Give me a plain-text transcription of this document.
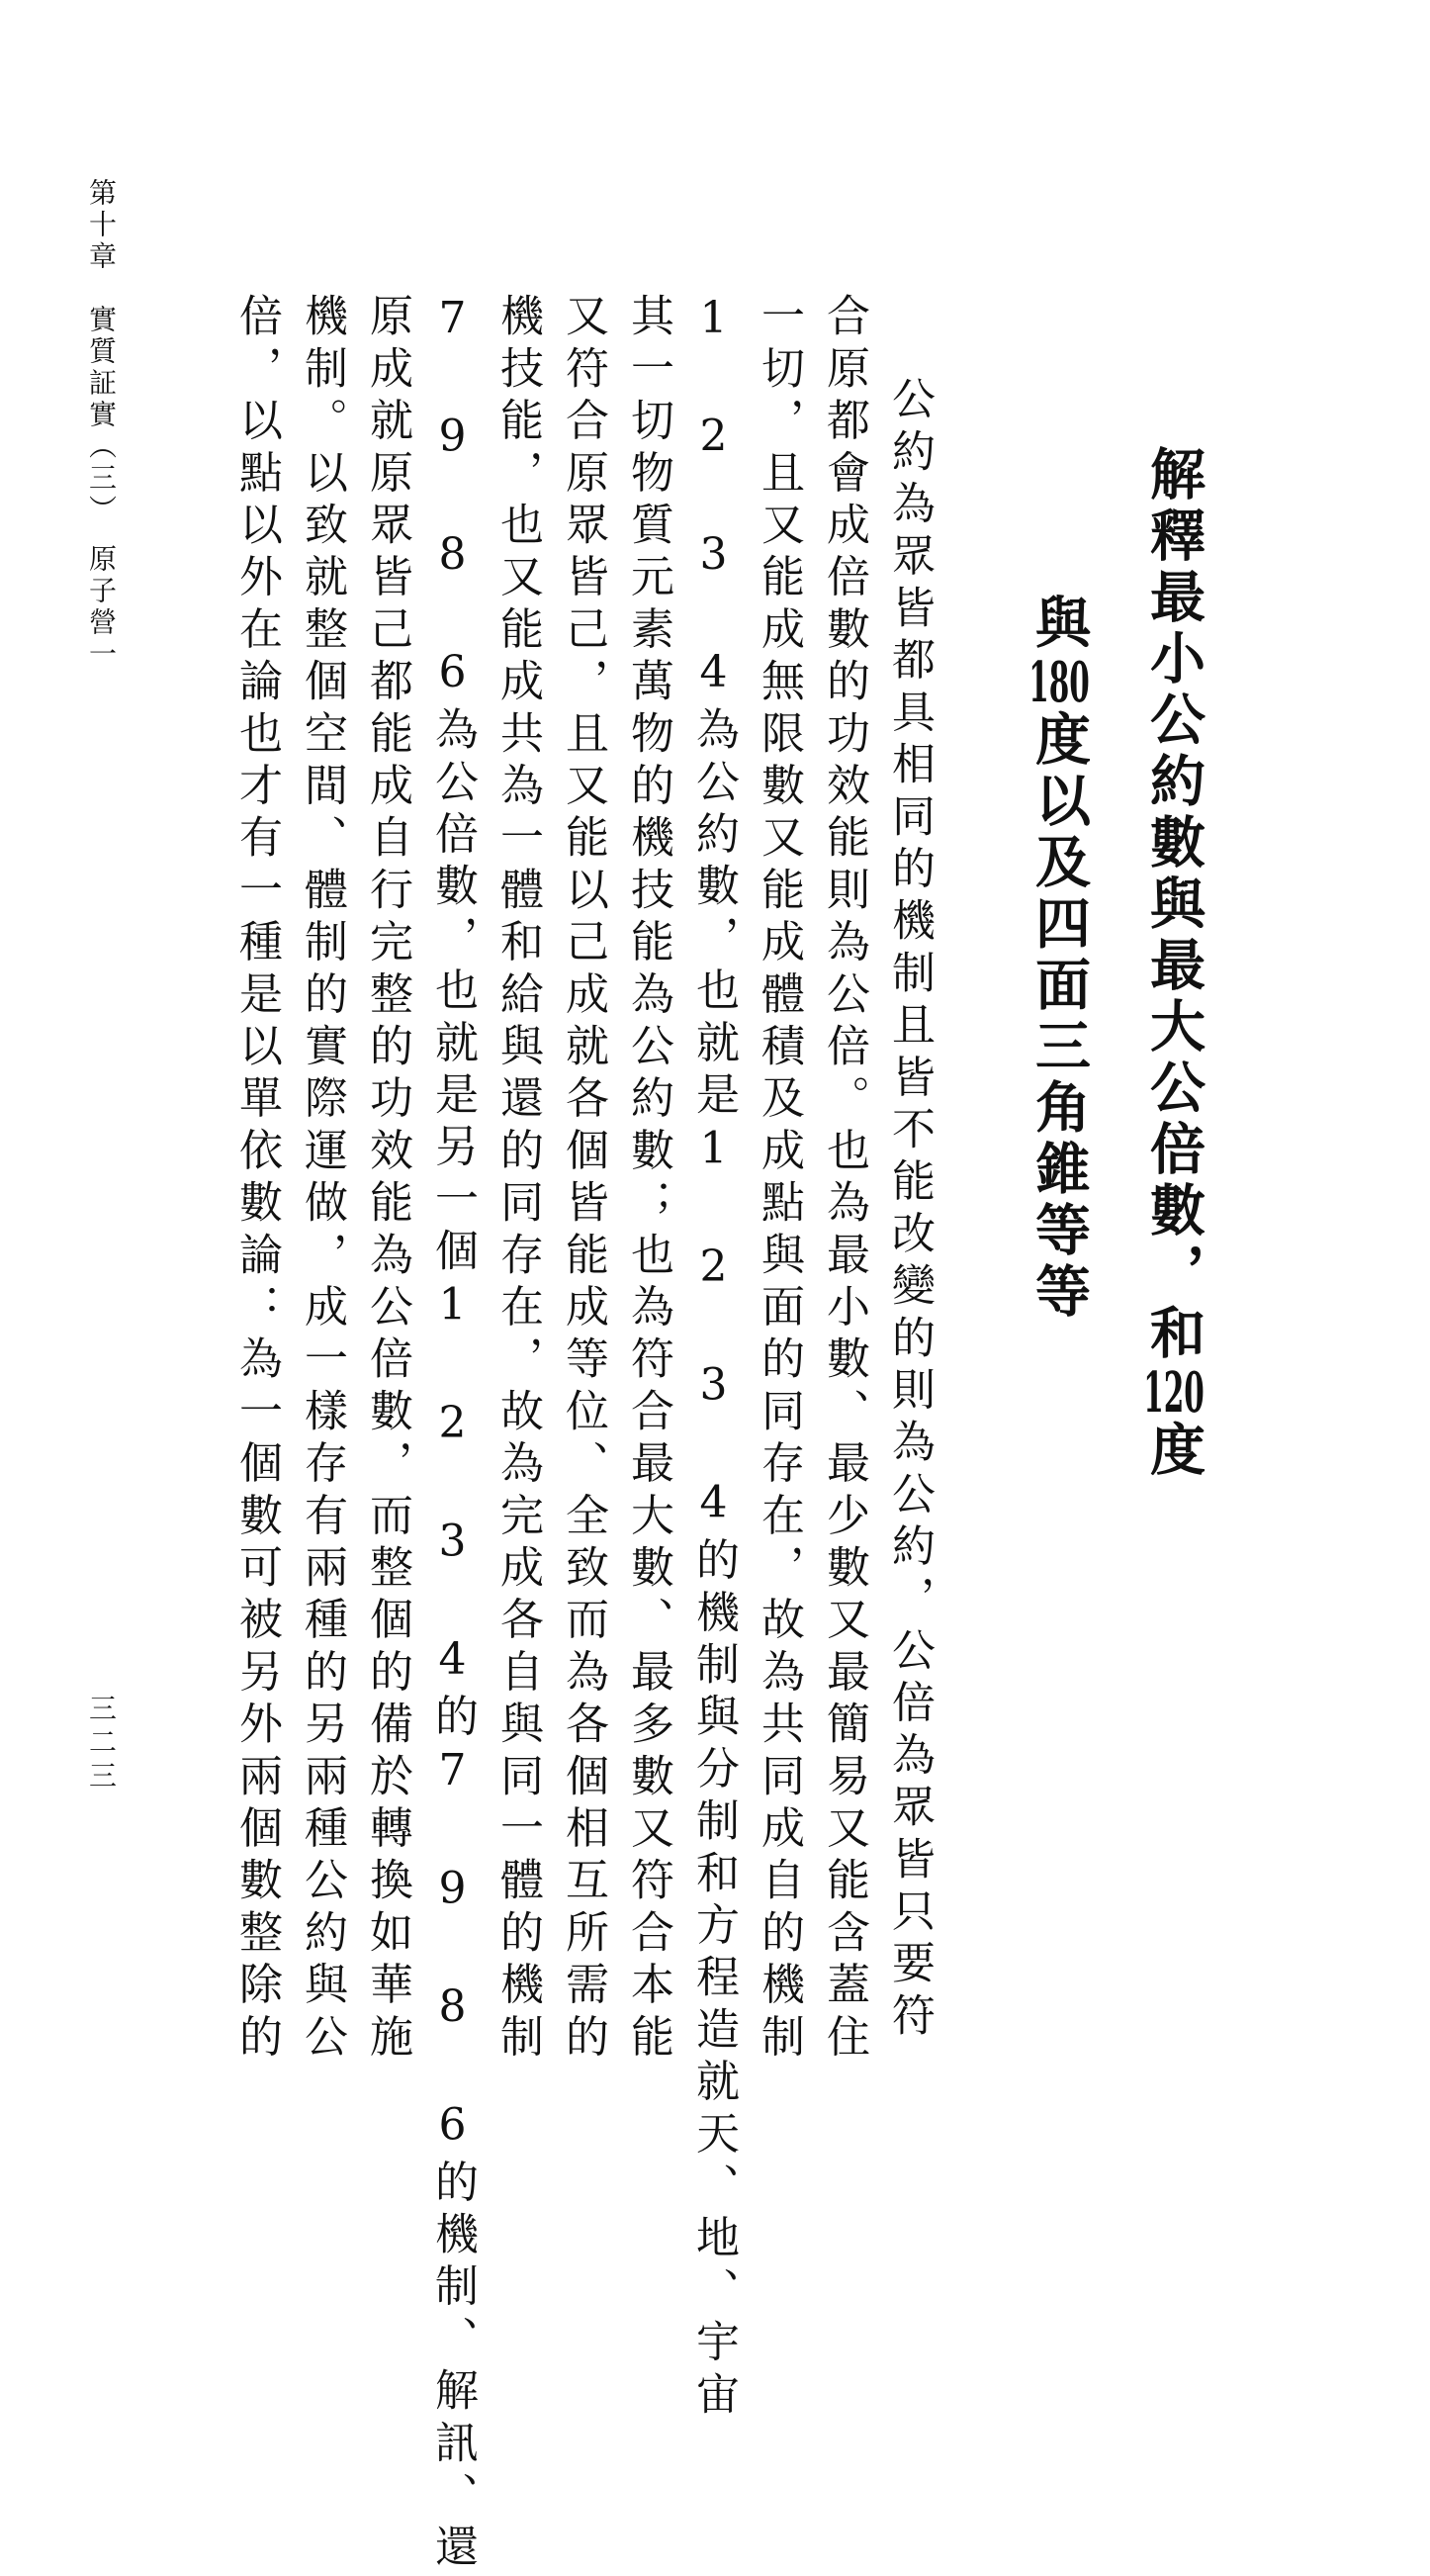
解釋最小公約數與最大公倍數，和120度
與180度以及四面三角錐等等
公約為眾皆都具相同的機制且皆不能改變的則為公約，公倍為眾皆只要符
合原都會成倍數的功效能則為公倍。也為最小數、最少數又最簡易又能含蓋住
一切，且又能成無限數又能成體積及成點與面的同存在，故為共同成自的機制
1 2 3 4為公約數，也就是1 2 3 4的機制與分制和方程造就天、地、宇宙
其一切物質元素萬物的機技能為公約數；也為符合最大數、最多數又符合本能
又符合原眾皆己，且又能以己成就各個皆能成等位、全致而為各個相互所需的
機技能，也又能成共為一體和給與還的同存在，故為完成各自與同一體的機制
7 9 8 6為公倍數，也就是另一個1 2 3 4的7 9 8 6的機制、解訊、還
原成就原眾皆己都能成自行完整的功效能為公倍數，而整個的備於轉換如華施
機制。以致就整個空間、體制的實際運做，成一樣存有兩種的另兩種公約與公
倍，以點以外在論也才有一種是以單依數論：為一個數可被另外兩個數整除的
第十章　實質証實（三）　原子營一
三二三
